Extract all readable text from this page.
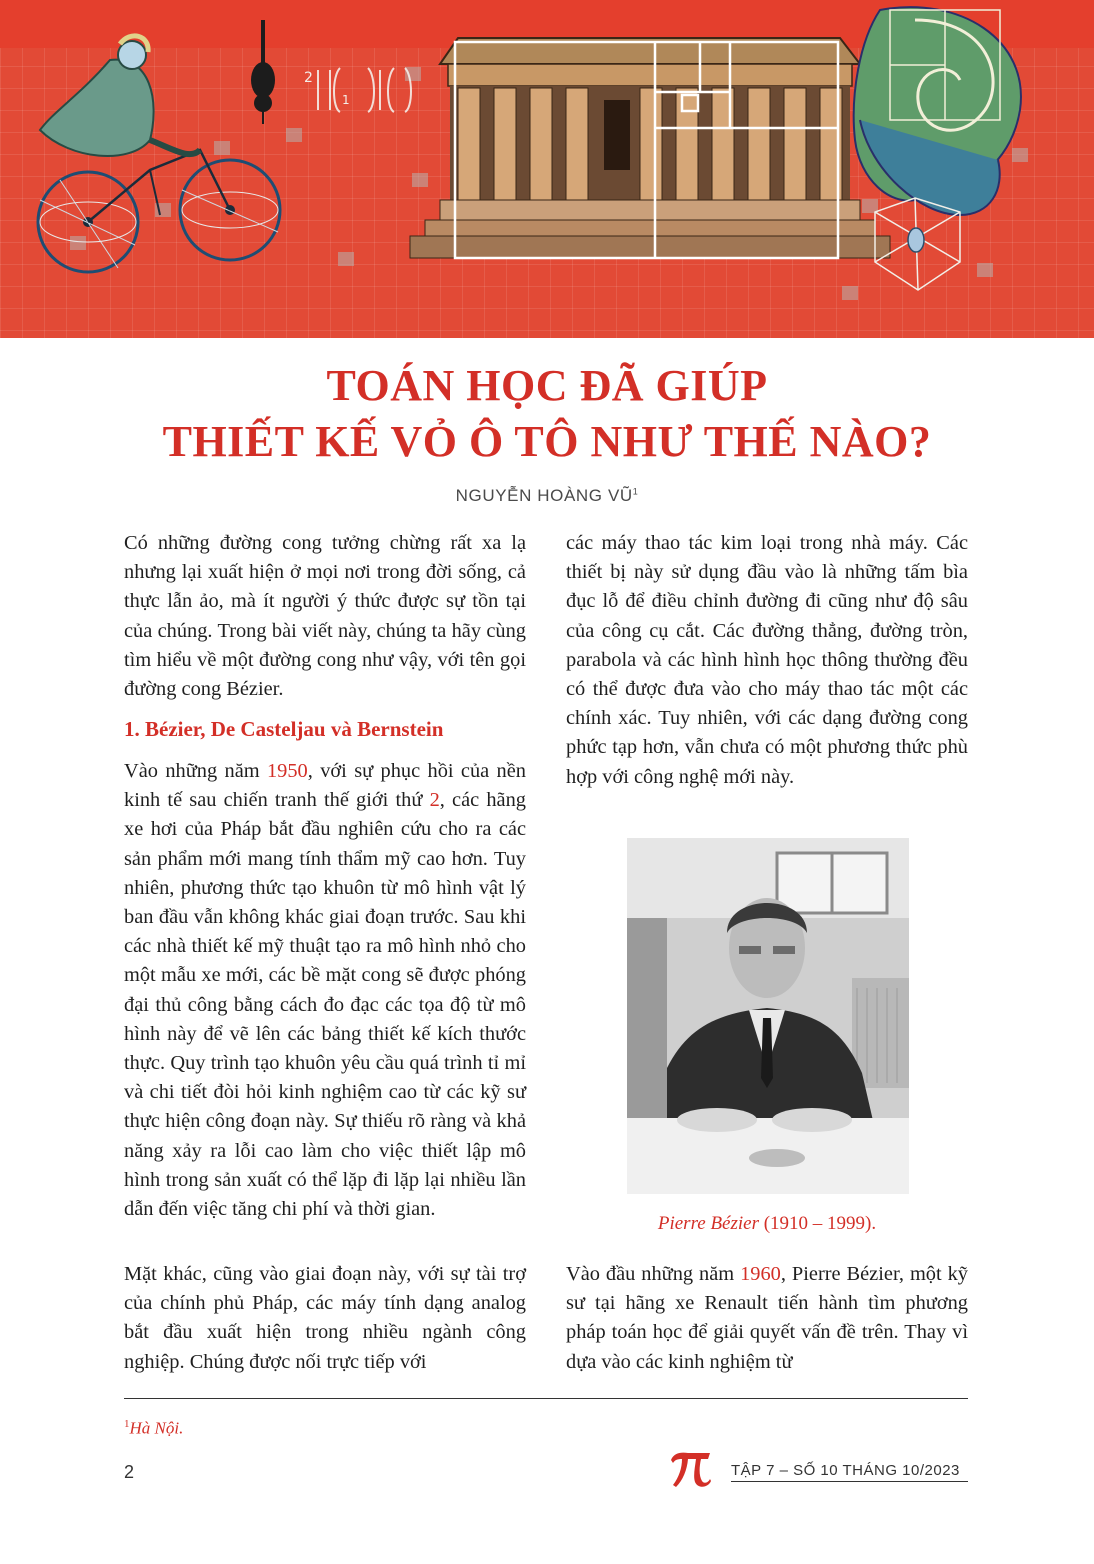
2
1
TOÁN HỌC ĐÃ GIÚP
THIẾT KẾ VỎ Ô TÔ NHƯ THẾ NÀO?
NGUYỄN HOÀNG $VŨ^1$

Có những đường cong tưởng chừng rất xa lạ nhưng lại xuất hiện ở mọi nơi trong đời sống, cả thực lẫn ảo, mà ít người ý thức được sự tồn tại của chúng. Trong bài viết này, chúng ta hãy cùng tìm hiểu về một đường cong như vậy, với tên gọi đường cong Bézier.

1. Bézier, De Casteljau và Bernstein

Vào những năm 1950, với sự phục hồi của nền kinh tế sau chiến tranh thế giới thứ 2, các hãng xe hơi của Pháp bắt đầu nghiên cứu cho ra các sản phẩm mới mang tính thẩm mỹ cao hơn. Tuy nhiên, phương thức tạo khuôn từ mô hình vật lý ban đầu vẫn không khác giai đoạn trước. Sau khi các nhà thiết kế mỹ thuật tạo ra mô hình nhỏ cho một mẫu xe mới, các bề mặt cong sẽ được phóng đại thủ công bằng cách đo đạc các tọa độ từ mô hình này để vẽ lên các bảng thiết kế kích thước thực. Quy trình tạo khuôn yêu cầu quá trình tỉ mỉ và chi tiết đòi hỏi kinh nghiệm cao từ các kỹ sư thực hiện công đoạn này. Sự thiếu rõ ràng và khả năng xảy ra lỗi cao làm cho việc thiết lập mô hình trong sản xuất có thể lặp đi lặp lại nhiều lần dẫn đến việc tăng chi phí và thời gian.

Mặt khác, cũng vào giai đoạn này, với sự tài trợ của chính phủ Pháp, các máy tính dạng analog bắt đầu xuất hiện trong nhiều ngành công nghiệp. Chúng được nối trực tiếp với

các máy thao tác kim loại trong nhà máy. Các thiết bị này sử dụng đầu vào là những tấm bìa đục lỗ để điều chỉnh đường đi cũng như độ sâu của công cụ cắt. Các đường thẳng, đường tròn, parabola và các hình hình học thông thường đều có thể được đưa vào cho máy thao tác một các chính xác. Tuy nhiên, với các dạng đường cong phức tạp hơn, vẫn chưa có một phương thức phù hợp với công nghệ mới này.

Pierre Bézier (1910 – 1999).

Vào đầu những năm 1960, Pierre Bézier, một kỹ sư tại hãng xe Renault tiến hành tìm phương pháp toán học để giải quyết vấn đề trên. Thay vì dựa vào các kinh nghiệm từ

$^1$Hà Nội.
2	TẬP 7 – SỐ 10 THÁNG 10/2023
